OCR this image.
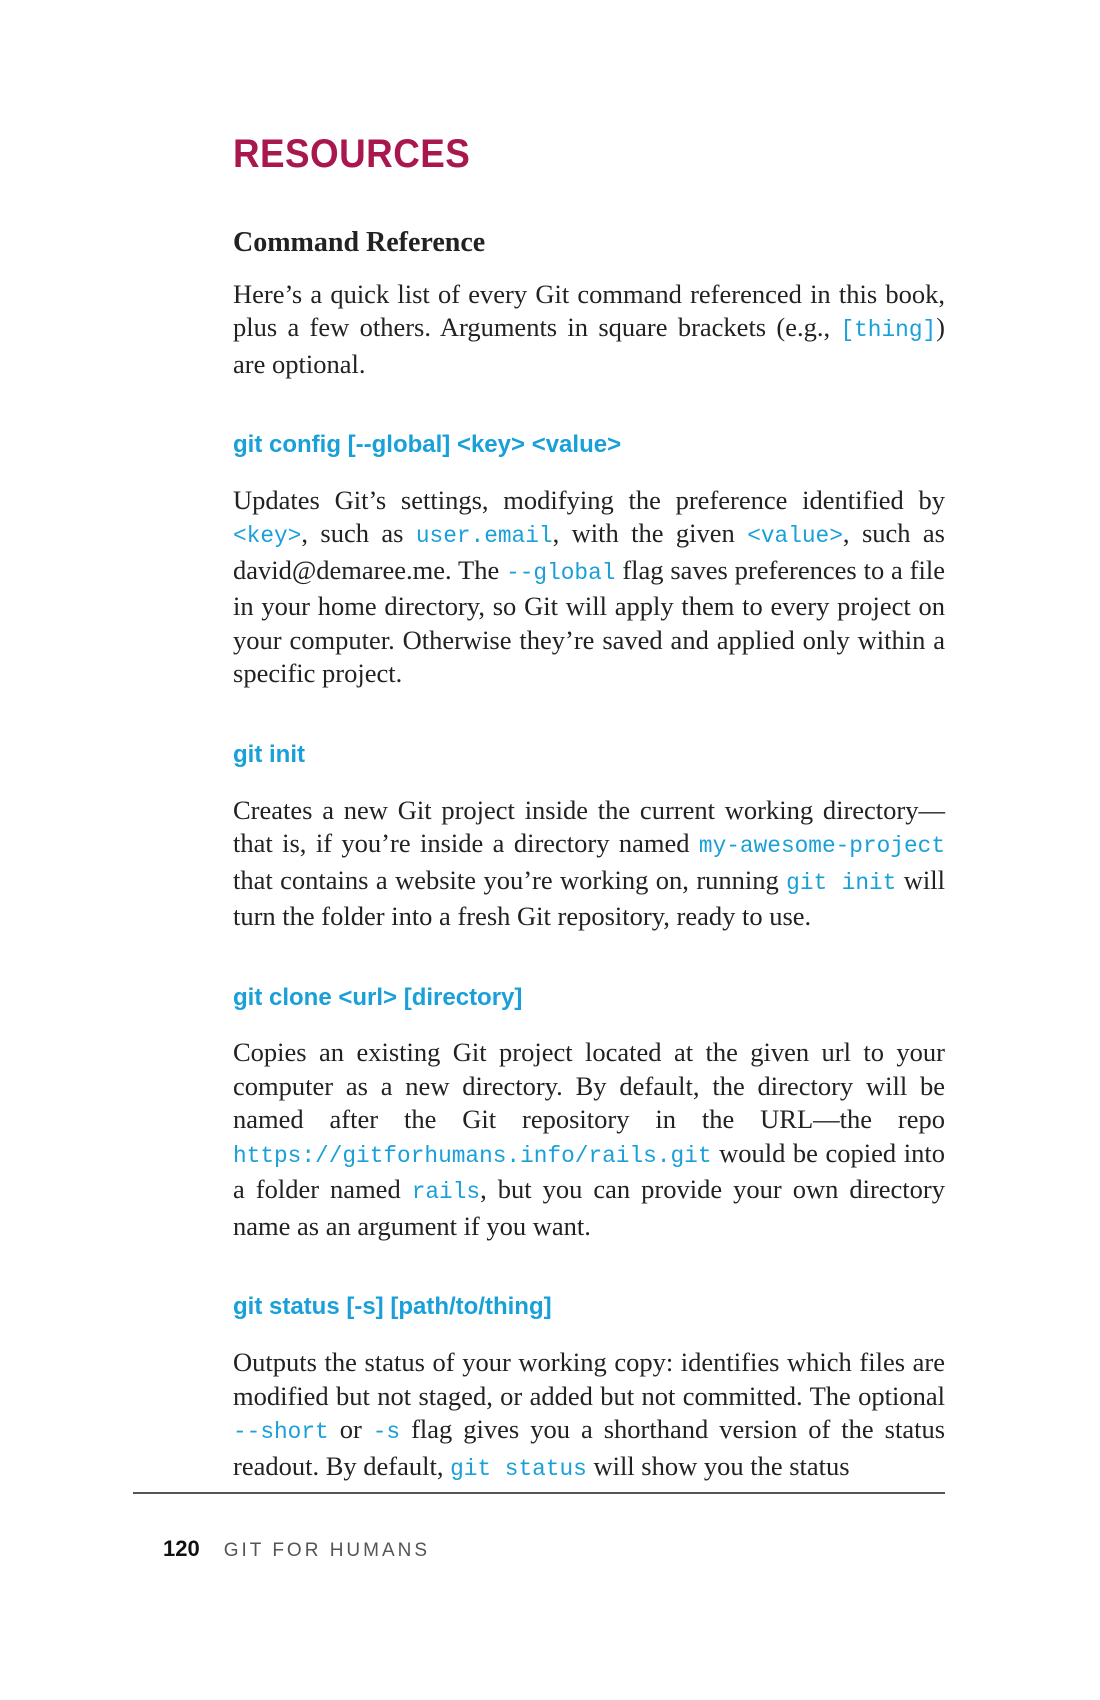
RESOURCES
Command Reference

Here’s a quick list of every Git command referenced in this book, plus a few others. Arguments in square brackets (e.g., [thing]) are optional.

git config [--global] <key> <value>

Updates Git’s settings, modifying the preference identified by <key>, such as user.email, with the given <value>, such as david@demaree.me. The --global flag saves preferences to a file in your home directory, so Git will apply them to every project on your computer. Otherwise they’re saved and applied only within a specific project.

git init

Creates a new Git project inside the current working directory—that is, if you’re inside a directory named my-awesome-project that contains a website you’re working on, running git init will turn the folder into a fresh Git repository, ready to use.

git clone <url> [directory]

Copies an existing Git project located at the given url to your computer as a new directory. By default, the directory will be named after the Git repository in the URL—the repo https://gitforhumans.info/rails.git would be copied into a folder named rails, but you can provide your own directory name as an argument if you want.

git status [-s] [path/to/thing]

Outputs the status of your working copy: identifies which files are modified but not staged, or added but not committed. The optional --short or -s flag gives you a shorthand version of the status readout. By default, git status will show you the status

120 GIT FOR HUMANS
